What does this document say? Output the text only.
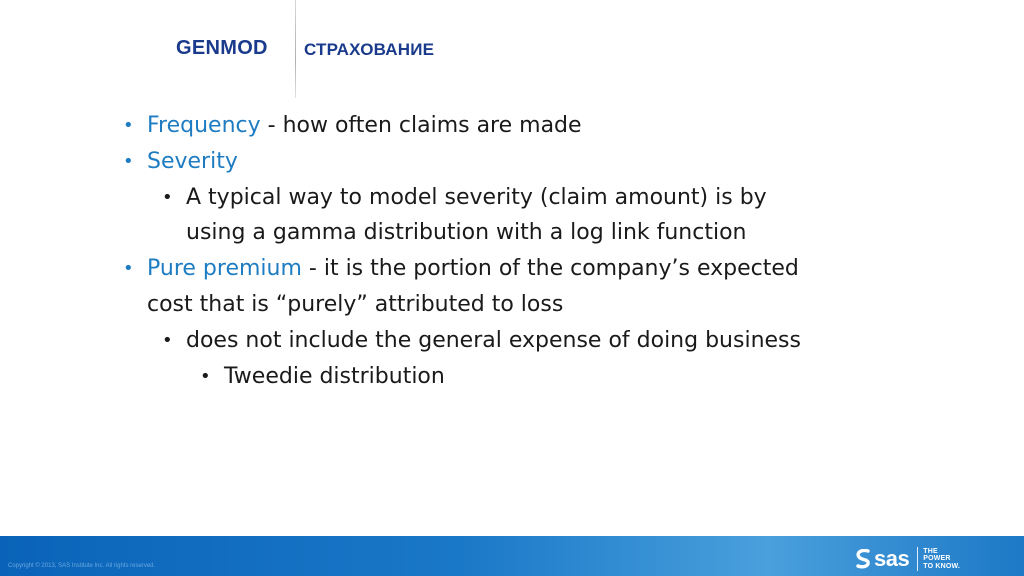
GENMOD СТРАХОВАНИЕ

• Frequency - how often claims are made

• Severity

• A typical way to model severity (claim amount) is by using a gamma distribution with a log link function

• Pure premium - it is the portion of the company’s expected cost that is “purely” attributed to loss

• does not include the general expense of doing business

• Tweedie distribution

Copyright © 2013, SAS Institute Inc. All rights reserved.	sas THE
POWER
TO KNOW.
